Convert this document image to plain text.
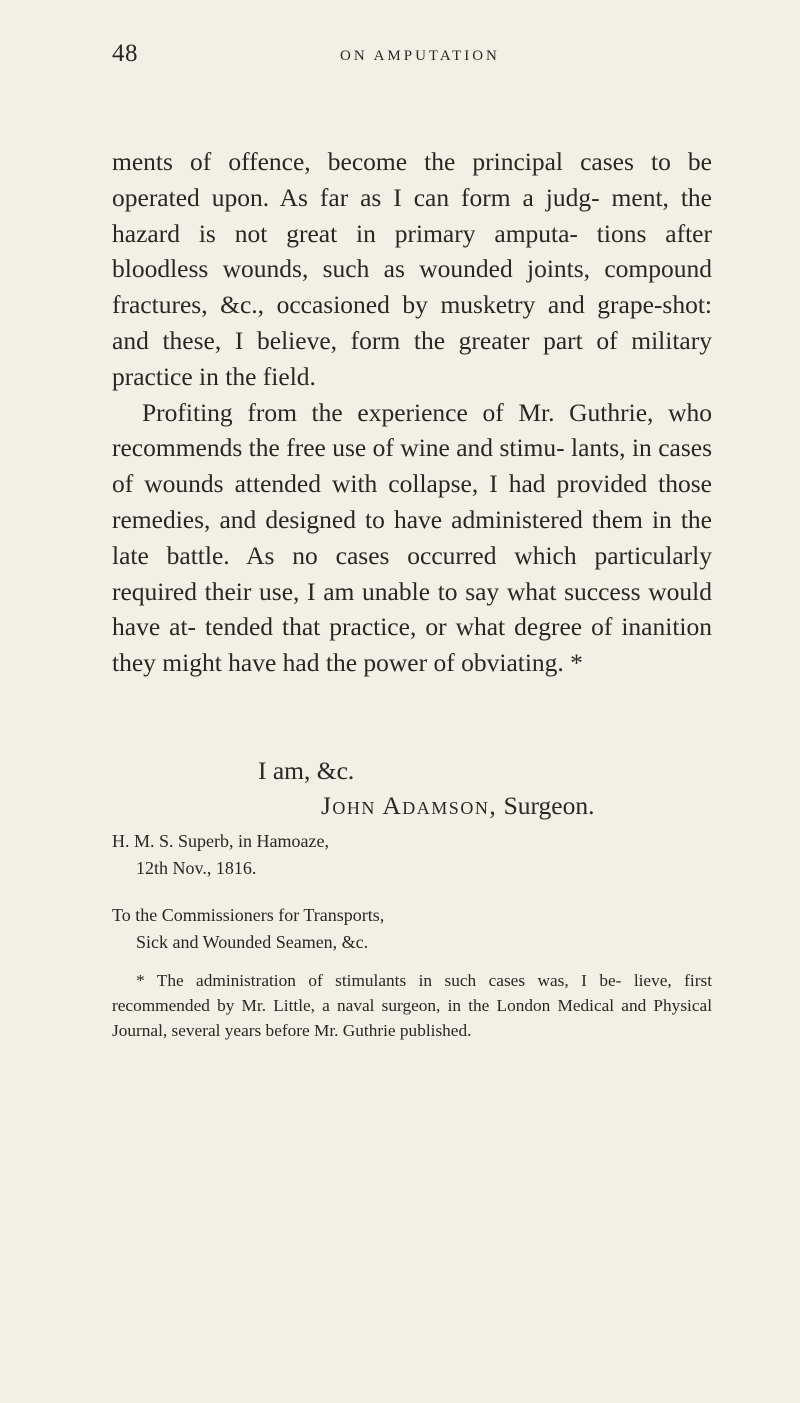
48	ON AMPUTATION

ments of offence, become the principal cases to be operated upon. As far as I can form a judg- ment, the hazard is not great in primary amputa- tions after bloodless wounds, such as wounded joints, compound fractures, &c., occasioned by musketry and grape-shot: and these, I believe, form the greater part of military practice in the field.

Profiting from the experience of Mr. Guthrie, who recommends the free use of wine and stimu- lants, in cases of wounds attended with collapse, I had provided those remedies, and designed to have administered them in the late battle. As no cases occurred which particularly required their use, I am unable to say what success would have at- tended that practice, or what degree of inanition they might have had the power of obviating. *

I am, &c.
John Adamson, Surgeon.
H. M. S. Superb, in Hamoaze,
12th Nov., 1816.
To the Commissioners for Transports,
Sick and Wounded Seamen, &c.

* The administration of stimulants in such cases was, I be- lieve, first recommended by Mr. Little, a naval surgeon, in the London Medical and Physical Journal, several years before Mr. Guthrie published.
